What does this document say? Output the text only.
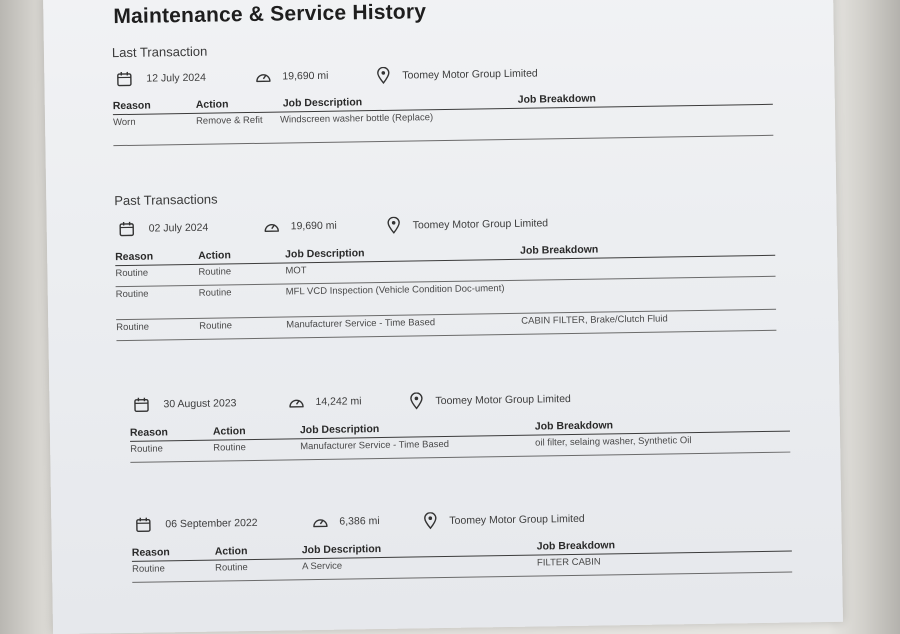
Maintenance & Service History
Last Transaction
12 July 2024	19,690 mi	Toomey Motor Group Limited
Reason	Action	Job Description	Job Breakdown
Worn	Remove & Refit	Windscreen washer bottle (Replace)
Past Transactions
02 July 2024	19,690 mi	Toomey Motor Group Limited
Reason	Action	Job Description	Job Breakdown
Routine	Routine	MOT
Routine	Routine	MFL VCD Inspection (Vehicle Condition Doc-ument)
Routine	Routine	Manufacturer Service - Time Based	CABIN FILTER, Brake/Clutch Fluid
30 August 2023	14,242 mi	Toomey Motor Group Limited
Reason	Action	Job Description	Job Breakdown
Routine	Routine	Manufacturer Service - Time Based	oil filter, selaing washer, Synthetic Oil
06 September 2022	6,386 mi	Toomey Motor Group Limited
Reason	Action	Job Description	Job Breakdown
Routine	Routine	A Service	FILTER CABIN
